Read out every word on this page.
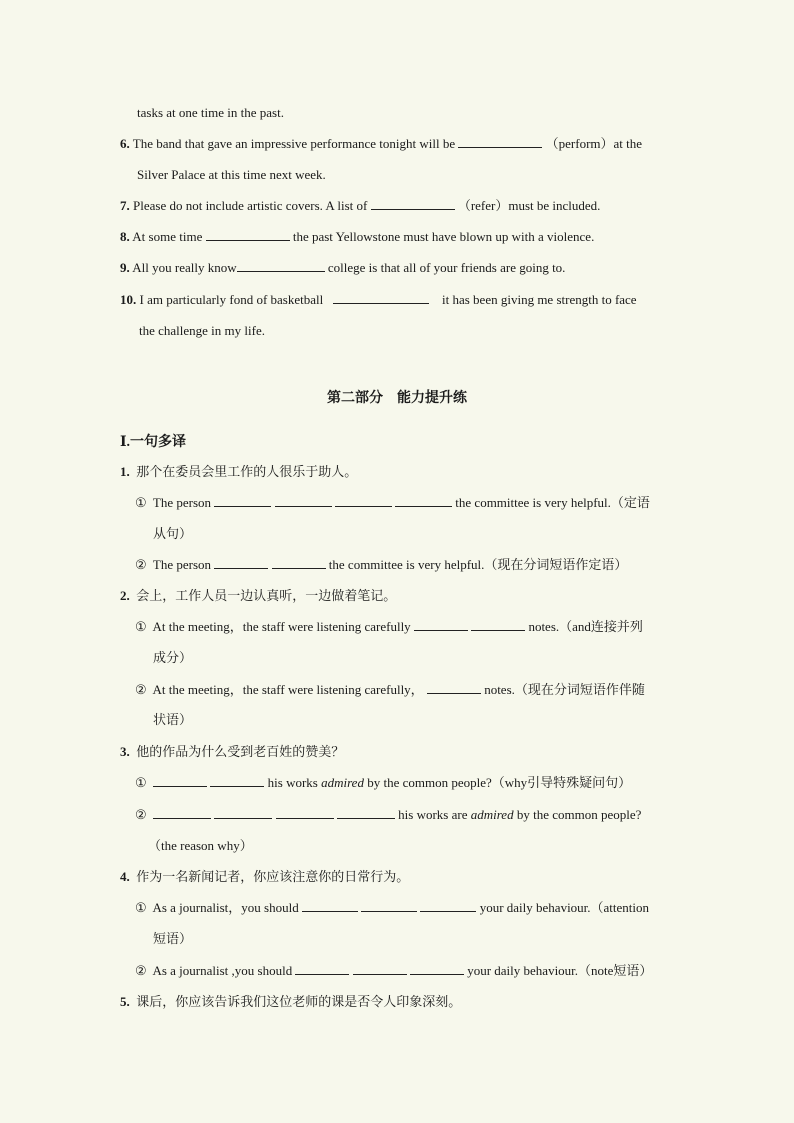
tasks at one time in the past.
6. The band that gave an impressive performance tonight will be	（perform）at the
Silver Palace at this time next week.
7. Please do not include artistic covers. A list of	（refer）must be included.
8. At some time	the past Yellowstone must have blown up with a violence.
9. All you really know	college is that all of your friends are going to.
10. I am particularly fond of basketball	it has been giving me strength to face
the challenge in my life.
第二部分　能力提升练
Ⅰ.一句多译
1. 那个在委员会里工作的人很乐于助人。
① The person	the committee is very helpful.（定语
从句）
② The person	the committee is very helpful.（现在分词短语作定语）
2. 会上，工作人员一边认真听，一边做着笔记。
① At the meeting，the staff were listening carefully	notes.（and连接并列
成分）
② At the meeting，the staff were listening carefully，	notes.（现在分词短语作伴随
状语）
3. 他的作品为什么受到老百姓的赞美？
①	his works admired by the common people?（why引导特殊疑问句）
②	his works are admired by the common people?
（the reason why）
4. 作为一名新闻记者，你应该注意你的日常行为。
① As a journalist，you should	your daily behaviour.（attention
短语）
② As a journalist ,you should	your daily behaviour.（note短语）
5. 课后，你应该告诉我们这位老师的课是否令人印象深刻。
